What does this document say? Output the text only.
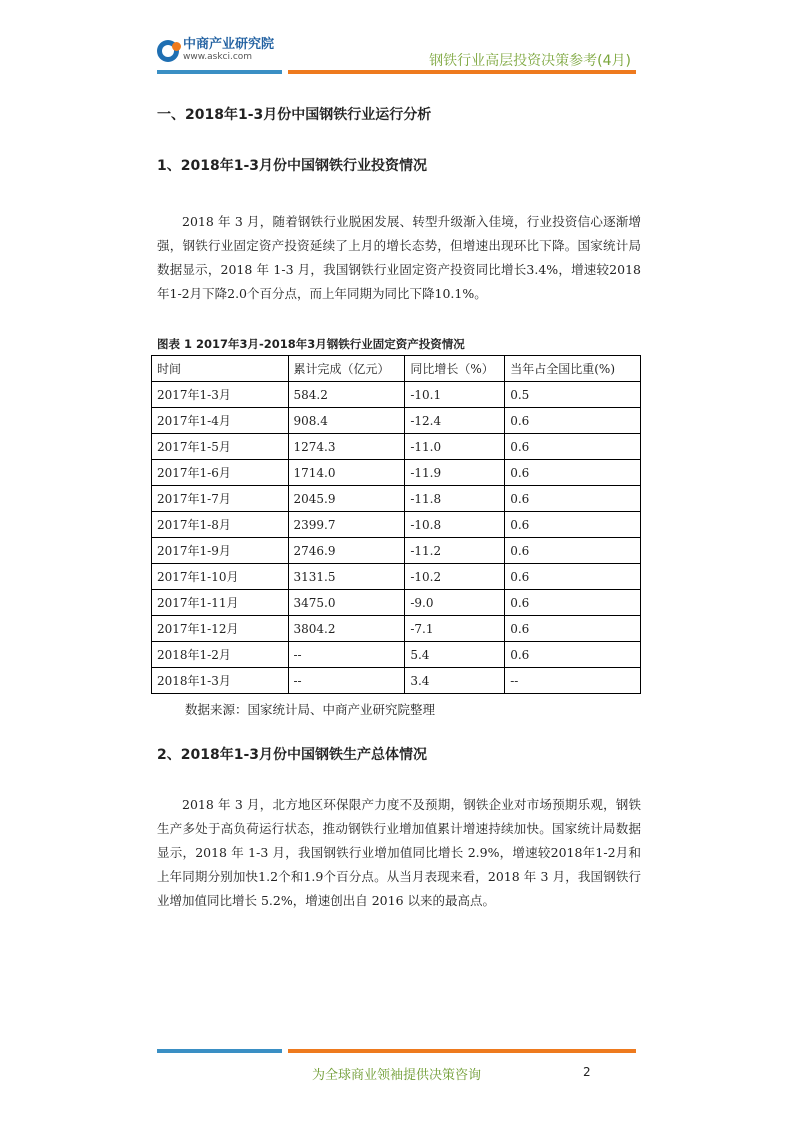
中商产业研究院
www.askci.com	钢铁行业高层投资决策参考(4月)
一、2018年1-3月份中国钢铁行业运行分析
1、2018年1-3月份中国钢铁行业投资情况
2018 年 3 月，随着钢铁行业脱困发展、转型升级渐入佳境，行业投资信心逐渐增强，钢铁行业固定资产投资延续了上月的增长态势，但增速出现环比下降。国家统计局数据显示，2018 年 1-3 月，我国钢铁行业固定资产投资同比增长3.4%，增速较2018年1-2月下降2.0个百分点，而上年同期为同比下降10.1%。
图表 1 2017年3月-2018年3月钢铁行业固定资产投资情况
时间	累计完成（亿元）	同比增长（%）	当年占全国比重(%)
2017年1-3月	584.2	-10.1	0.5
2017年1-4月	908.4	-12.4	0.6
2017年1-5月	1274.3	-11.0	0.6
2017年1-6月	1714.0	-11.9	0.6
2017年1-7月	2045.9	-11.8	0.6
2017年1-8月	2399.7	-10.8	0.6
2017年1-9月	2746.9	-11.2	0.6
2017年1-10月	3131.5	-10.2	0.6
2017年1-11月	3475.0	-9.0	0.6
2017年1-12月	3804.2	-7.1	0.6
2018年1-2月	--	5.4	0.6
2018年1-3月	--	3.4	--
数据来源：国家统计局、中商产业研究院整理
2、2018年1-3月份中国钢铁生产总体情况
2018 年 3 月，北方地区环保限产力度不及预期，钢铁企业对市场预期乐观，钢铁生产多处于高负荷运行状态，推动钢铁行业增加值累计增速持续加快。国家统计局数据显示，2018 年 1-3 月，我国钢铁行业增加值同比增长 2.9%，增速较2018年1-2月和上年同期分别加快1.2个和1.9个百分点。从当月表现来看，2018 年 3 月，我国钢铁行业增加值同比增长 5.2%，增速创出自 2016 以来的最高点。
为全球商业领袖提供决策咨询	2
